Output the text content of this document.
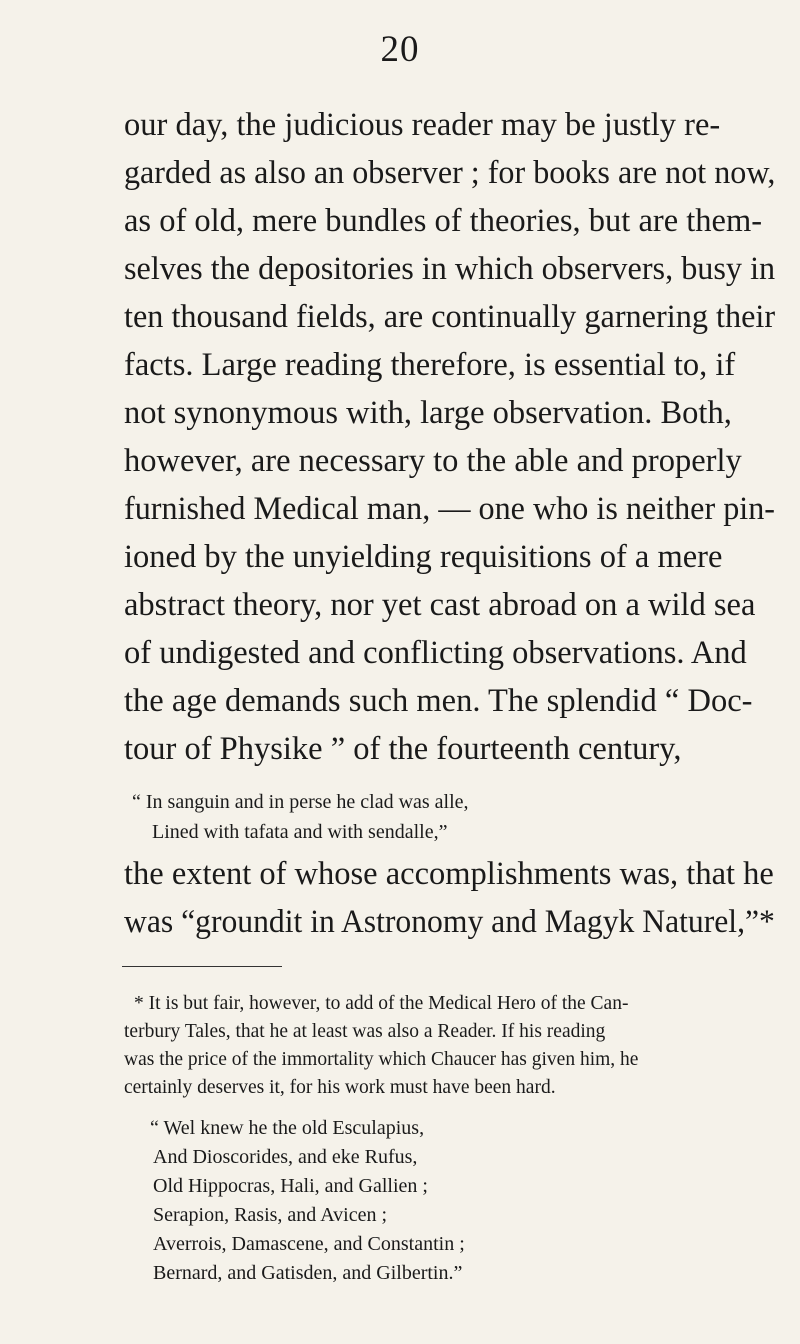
20
our day, the judicious reader may be justly re-
garded as also an observer ; for books are not now,
as of old, mere bundles of theories, but are them-
selves the depositories in which observers, busy in
ten thousand fields, are continually garnering their
facts. Large reading therefore, is essential to, if
not synonymous with, large observation. Both,
however, are necessary to the able and properly
furnished Medical man, — one who is neither pin-
ioned by the unyielding requisitions of a mere
abstract theory, nor yet cast abroad on a wild sea
of undigested and conflicting observations. And
the age demands such men. The splendid “ Doc-
tour of Physike ” of the fourteenth century,
“ In sanguin and in perse he clad was alle,
Lined with tafata and with sendalle,”
the extent of whose accomplishments was, that he
was “groundit in Astronomy and Magyk Naturel,”*
* It is but fair, however, to add of the Medical Hero of the Can-
terbury Tales, that he at least was also a Reader. If his reading
was the price of the immortality which Chaucer has given him, he
certainly deserves it, for his work must have been hard.
“ Wel knew he the old Esculapius,
And Dioscorides, and eke Rufus,
Old Hippocras, Hali, and Gallien ;
Serapion, Rasis, and Avicen ;
Averrois, Damascene, and Constantin ;
Bernard, and Gatisden, and Gilbertin.”
